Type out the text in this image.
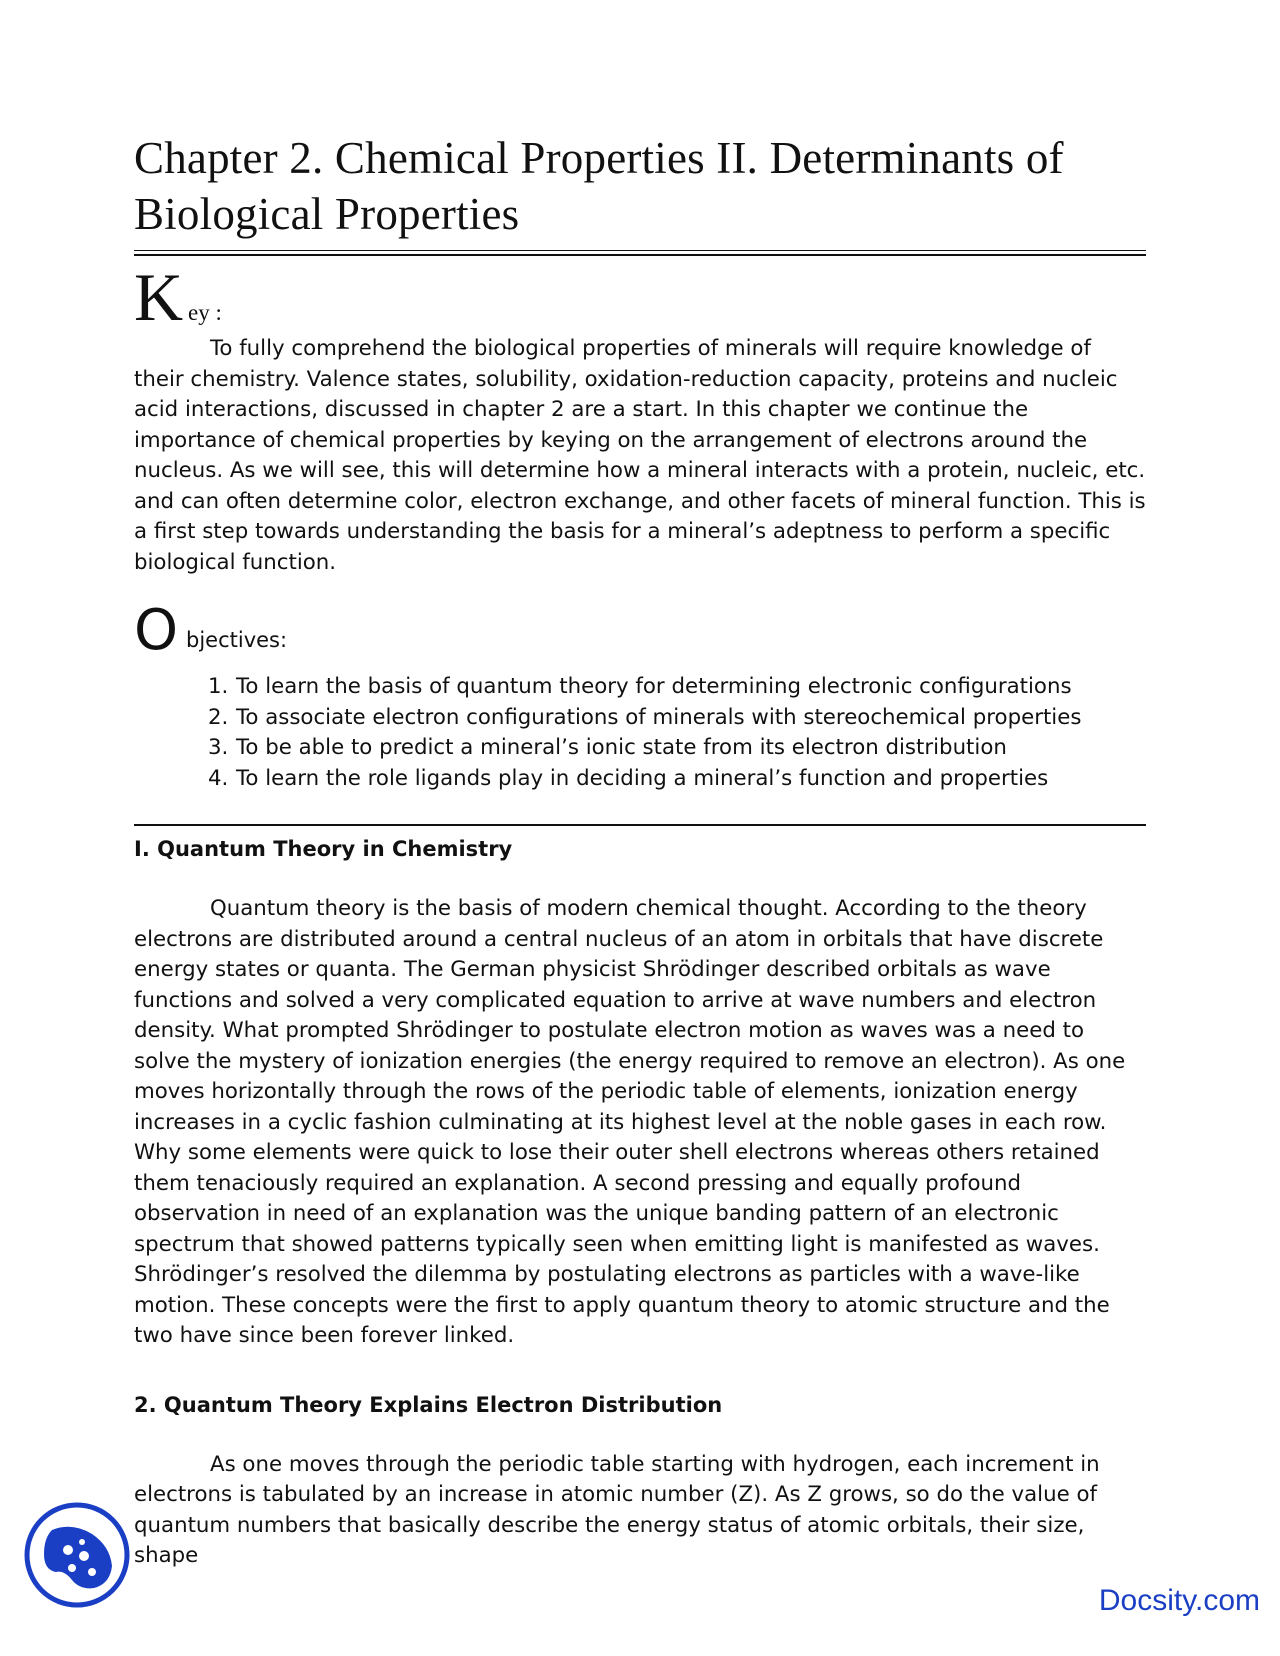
Chapter 2. Chemical Properties II. Determinants of Biological Properties
K ey :

To fully comprehend the biological properties of minerals will require knowledge of their chemistry. Valence states, solubility, oxidation-reduction capacity, proteins and nucleic acid interactions, discussed in chapter 2 are a start. In this chapter we continue the importance of chemical properties by keying on the arrangement of electrons around the nucleus. As we will see, this will determine how a mineral interacts with a protein, nucleic, etc. and can often determine color, electron exchange, and other facets of mineral function. This is a first step towards understanding the basis for a mineral’s adeptness to perform a specific biological function.

O bjectives:
1. To learn the basis of quantum theory for determining electronic configurations
2. To associate electron configurations of minerals with stereochemical properties
3. To be able to predict a mineral’s ionic state from its electron distribution
4. To learn the role ligands play in deciding a mineral’s function and properties
I. Quantum Theory in Chemistry

Quantum theory is the basis of modern chemical thought. According to the theory electrons are distributed around a central nucleus of an atom in orbitals that have discrete energy states or quanta. The German physicist Shrödinger described orbitals as wave functions and solved a very complicated equation to arrive at wave numbers and electron density. What prompted Shrödinger to postulate electron motion as waves was a need to solve the mystery of ionization energies (the energy required to remove an electron). As one moves horizontally through the rows of the periodic table of elements, ionization energy increases in a cyclic fashion culminating at its highest level at the noble gases in each row. Why some elements were quick to lose their outer shell electrons whereas others retained them tenaciously required an explanation. A second pressing and equally profound observation in need of an explanation was the unique banding pattern of an electronic spectrum that showed patterns typically seen when emitting light is manifested as waves. Shrödinger’s resolved the dilemma by postulating electrons as particles with a wave-like motion. These concepts were the first to apply quantum theory to atomic structure and the two have since been forever linked.

2. Quantum Theory Explains Electron Distribution

As one moves through the periodic table starting with hydrogen, each increment in electrons is tabulated by an increase in atomic number (Z). As Z grows, so do the value of quantum numbers that basically describe the energy status of atomic orbitals, their size, shape

Docsity.com
